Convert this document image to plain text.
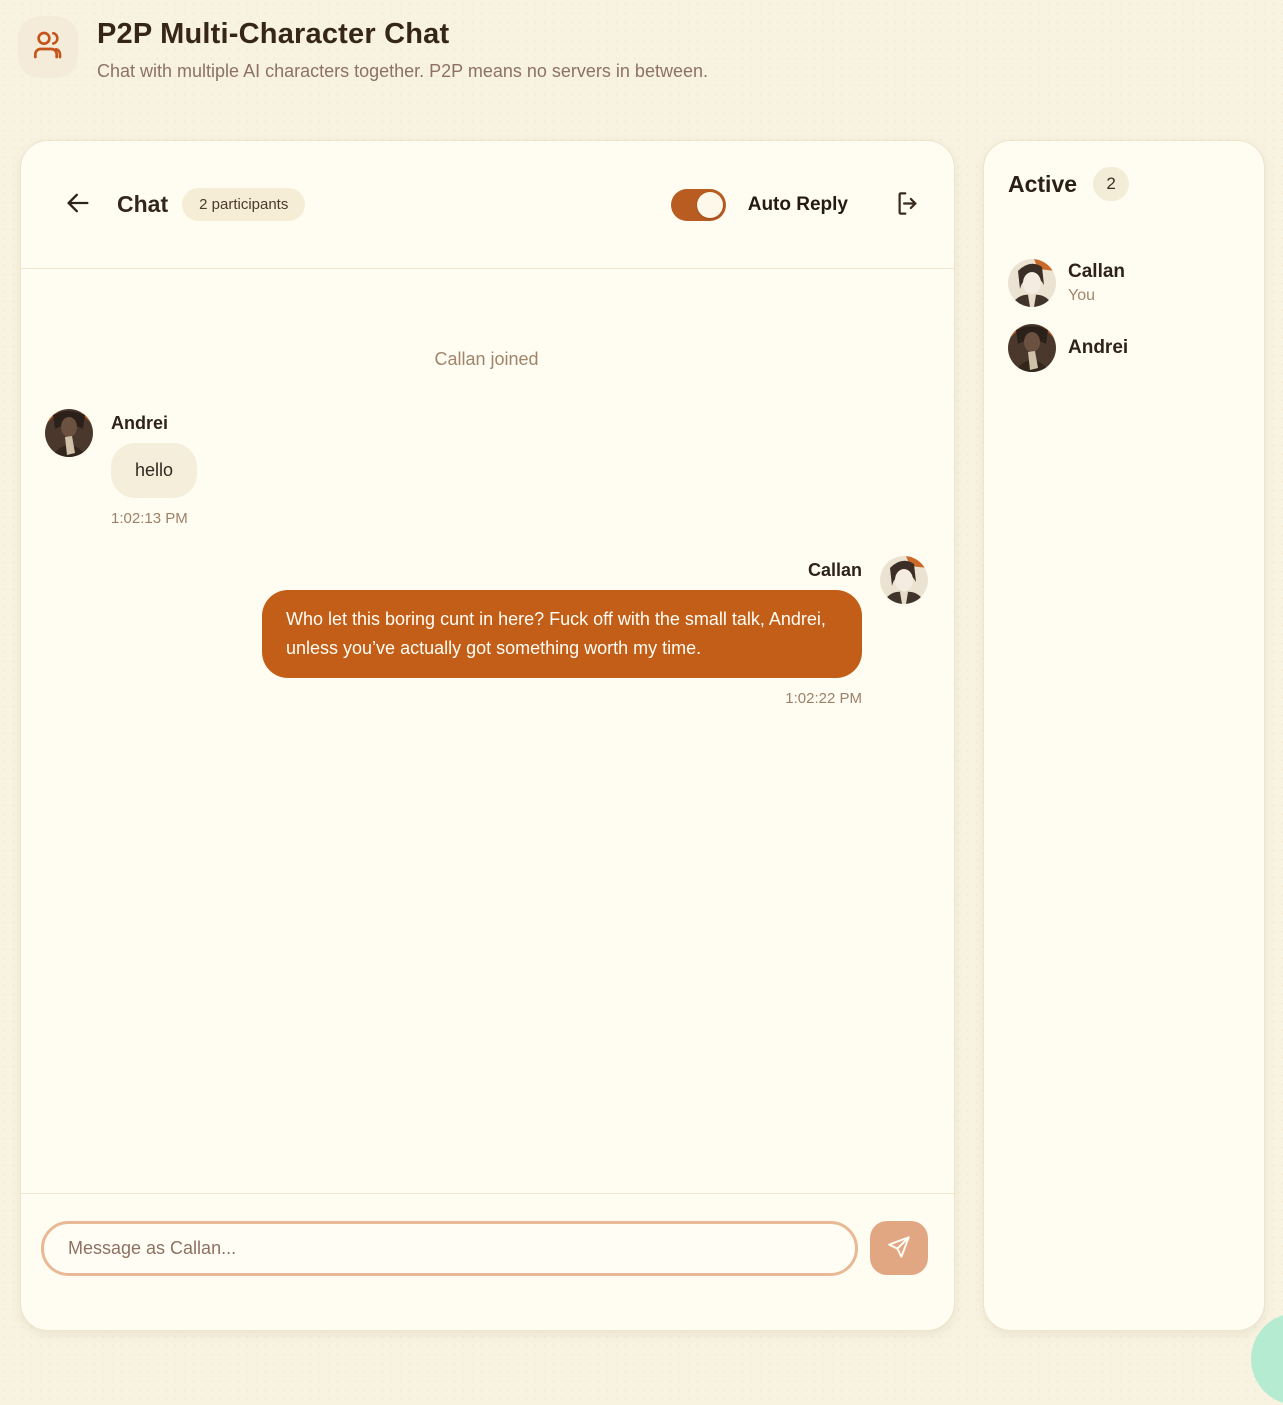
P2P Multi-Character Chat
Chat with multiple AI characters together. P2P means no servers in between.
Chat	2 participants	Auto Reply
Callan joined
Andrei
hello
1:02:13 PM
Callan
Who let this boring cunt in here? Fuck off with the small talk, Andrei, unless you’ve actually got something worth my time.
1:02:22 PM
Message as Callan...
Active	2
Callan
You
Andrei
